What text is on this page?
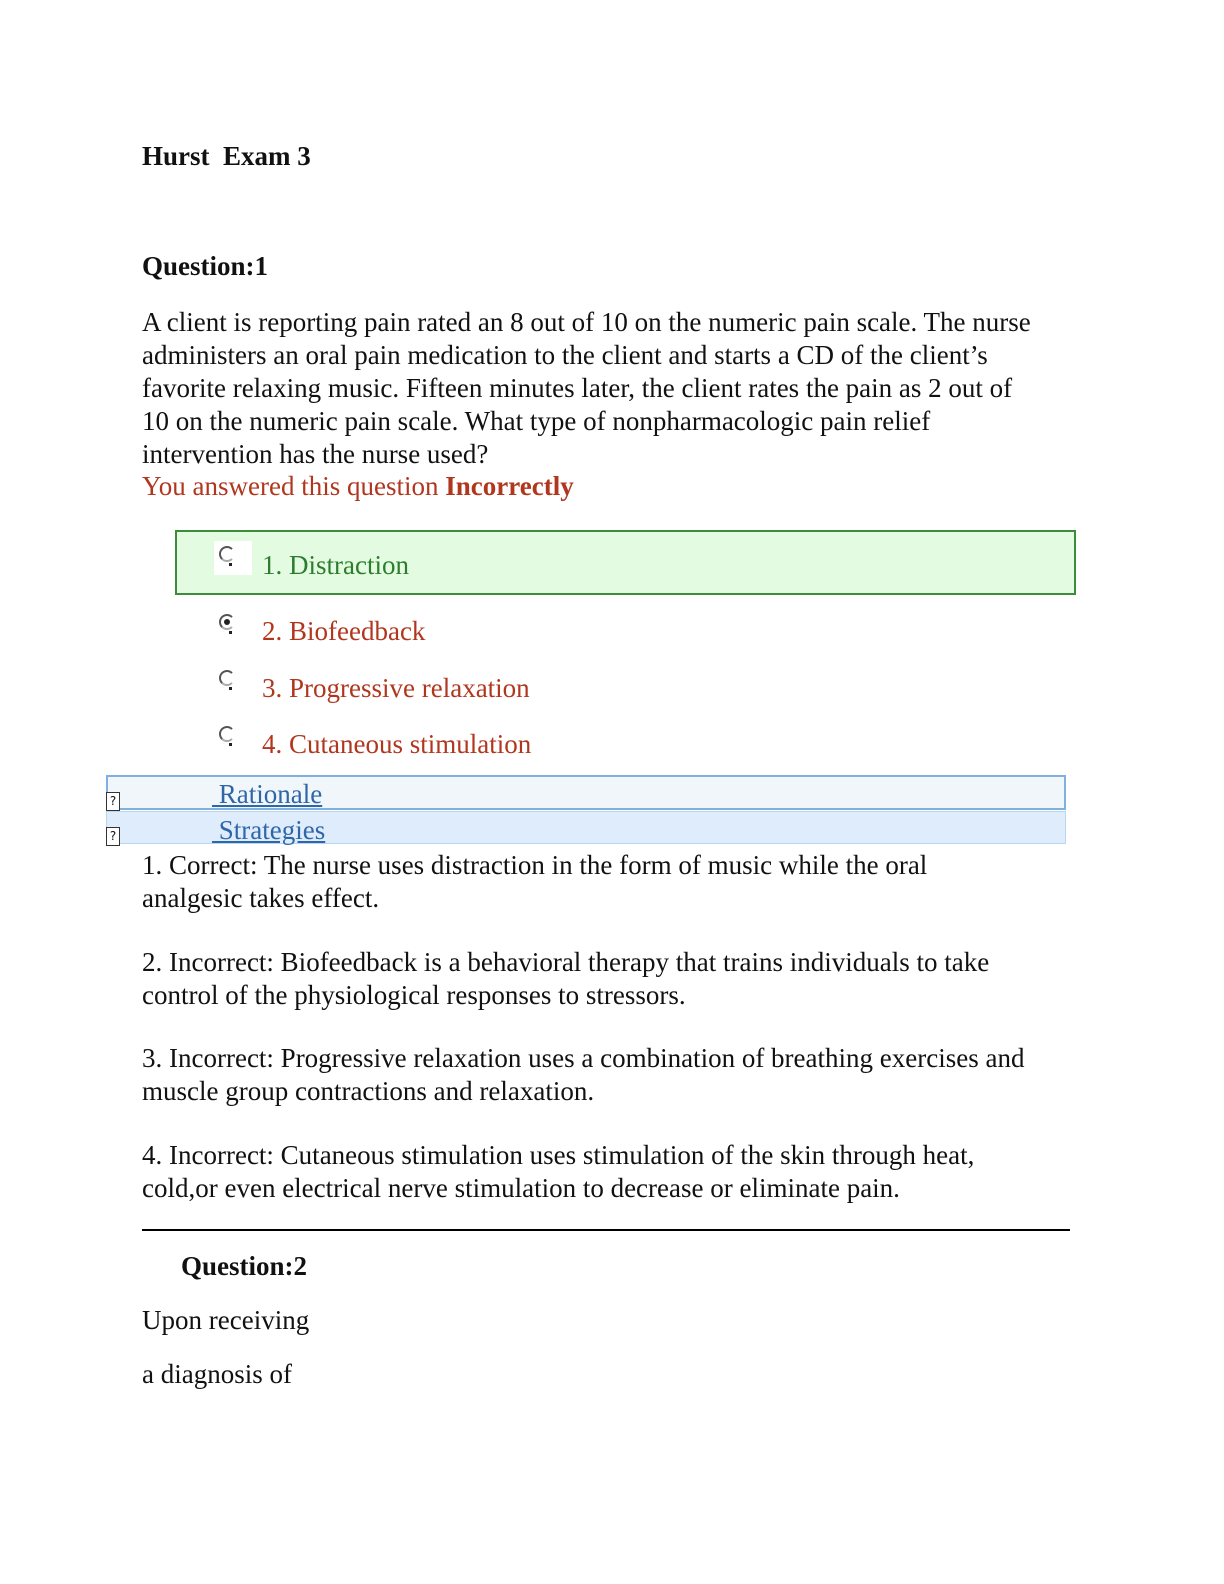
Hurst  Exam 3
Question:1

A client is reporting pain rated an 8 out of 10 on the numeric pain scale. The nurse

administers an oral pain medication to the client and starts a CD of the client’s

favorite relaxing music. Fifteen minutes later, the client rates the pain as 2 out of

10 on the numeric pain scale. What type of nonpharmacologic pain relief

intervention has the nurse used?

You answered this question Incorrectly
1. Distraction
2. Biofeedback
3. Progressive relaxation
4. Cutaneous stimulation
?
?
Rationale
Strategies

1. Correct: The nurse uses distraction in the form of music while the oral

analgesic takes effect.

2. Incorrect: Biofeedback is a behavioral therapy that trains individuals to take

control of the physiological responses to stressors.

3. Incorrect: Progressive relaxation uses a combination of breathing exercises and

muscle group contractions and relaxation.

4. Incorrect: Cutaneous stimulation uses stimulation of the skin through heat,

cold,or even electrical nerve stimulation to decrease or eliminate pain.

Question:2
Upon receiving
a diagnosis of
